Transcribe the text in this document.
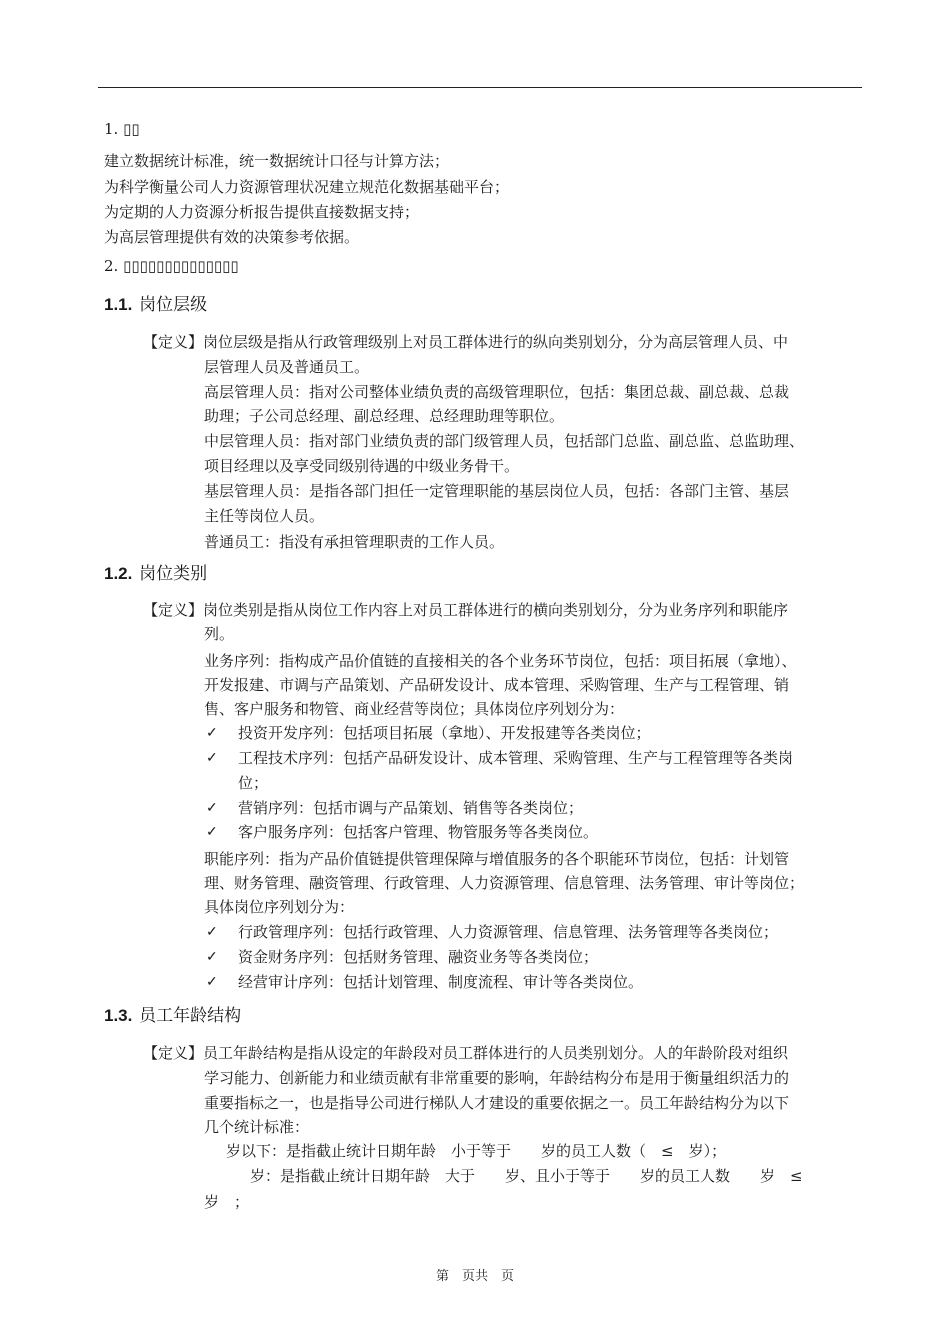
1. ▯▯
建立数据统计标准，统一数据统计口径与计算方法；
为科学衡量公司人力资源管理状况建立规范化数据基础平台；
为定期的人力资源分析报告提供直接数据支持；
为高层管理提供有效的决策参考依据。
2. ▯▯▯▯▯▯▯▯▯▯▯▯▯▯
1.1. 岗位层级
【定义】岗位层级是指从行政管理级别上对员工群体进行的纵向类别划分，分为高层管理人员、中
层管理人员及普通员工。
高层管理人员：指对公司整体业绩负责的高级管理职位，包括：集团总裁、副总裁、总裁
助理；子公司总经理、副总经理、总经理助理等职位。
中层管理人员：指对部门业绩负责的部门级管理人员，包括部门总监、副总监、总监助理、
项目经理以及享受同级别待遇的中级业务骨干。
基层管理人员：是指各部门担任一定管理职能的基层岗位人员，包括：各部门主管、基层
主任等岗位人员。
普通员工：指没有承担管理职责的工作人员。
1.2. 岗位类别
【定义】岗位类别是指从岗位工作内容上对员工群体进行的横向类别划分，分为业务序列和职能序
列。
业务序列：指构成产品价值链的直接相关的各个业务环节岗位，包括：项目拓展（拿地）、
开发报建、市调与产品策划、产品研发设计、成本管理、采购管理、生产与工程管理、销
售、客户服务和物管、商业经营等岗位；具体岗位序列划分为：
✓ 投资开发序列：包括项目拓展（拿地）、开发报建等各类岗位；
✓ 工程技术序列：包括产品研发设计、成本管理、采购管理、生产与工程管理等各类岗
位；
✓ 营销序列：包括市调与产品策划、销售等各类岗位；
✓ 客户服务序列：包括客户管理、物管服务等各类岗位。
职能序列：指为产品价值链提供管理保障与增值服务的各个职能环节岗位，包括：计划管
理、财务管理、融资管理、行政管理、人力资源管理、信息管理、法务管理、审计等岗位；
具体岗位序列划分为：
✓ 行政管理序列：包括行政管理、人力资源管理、信息管理、法务管理等各类岗位；
✓ 资金财务序列：包括财务管理、融资业务等各类岗位；
✓ 经营审计序列：包括计划管理、制度流程、审计等各类岗位。
1.3. 员工年龄结构
【定义】员工年龄结构是指从设定的年龄段对员工群体进行的人员类别划分。人的年龄阶段对组织
学习能力、创新能力和业绩贡献有非常重要的影响，年龄结构分布是用于衡量组织活力的
重要指标之一，也是指导公司进行梯队人才建设的重要依据之一。员工年龄结构分为以下
几个统计标准：
岁以下：是指截止统计日期年龄　小于等于　　岁的员工人数（　≤　岁）；
岁：是指截止统计日期年龄　大于　　岁、且小于等于　　岁的员工人数　　岁　≤
岁　；
第　页共　页
